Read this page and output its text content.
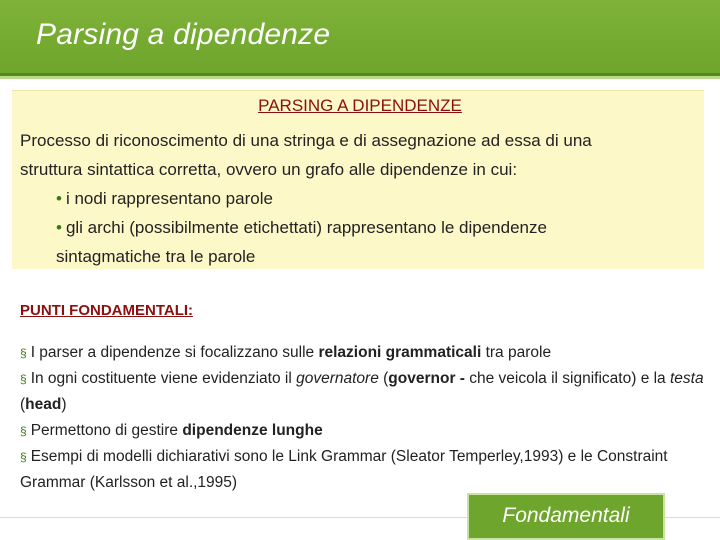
Parsing a dipendenze
PARSING A DIPENDENZE
Processo di riconoscimento di una stringa e di assegnazione ad essa di una
struttura sintattica corretta, ovvero un grafo alle dipendenze in cui:
• i nodi rappresentano parole
• gli archi (possibilmente etichettati) rappresentano le dipendenze
sintagmatiche tra le parole
PUNTI FONDAMENTALI:
§ I parser a dipendenze si focalizzano sulle relazioni grammaticali tra parole
§ In ogni costituente viene evidenziato il governatore (governor - che veicola il significato) e la testa (head)
§ Permettono di gestire dipendenze lunghe
§ Esempi di modelli dichiarativi sono le Link Grammar (Sleator Temperley,1993) e le Constraint Grammar (Karlsson et al.,1995)
Fondamentali
